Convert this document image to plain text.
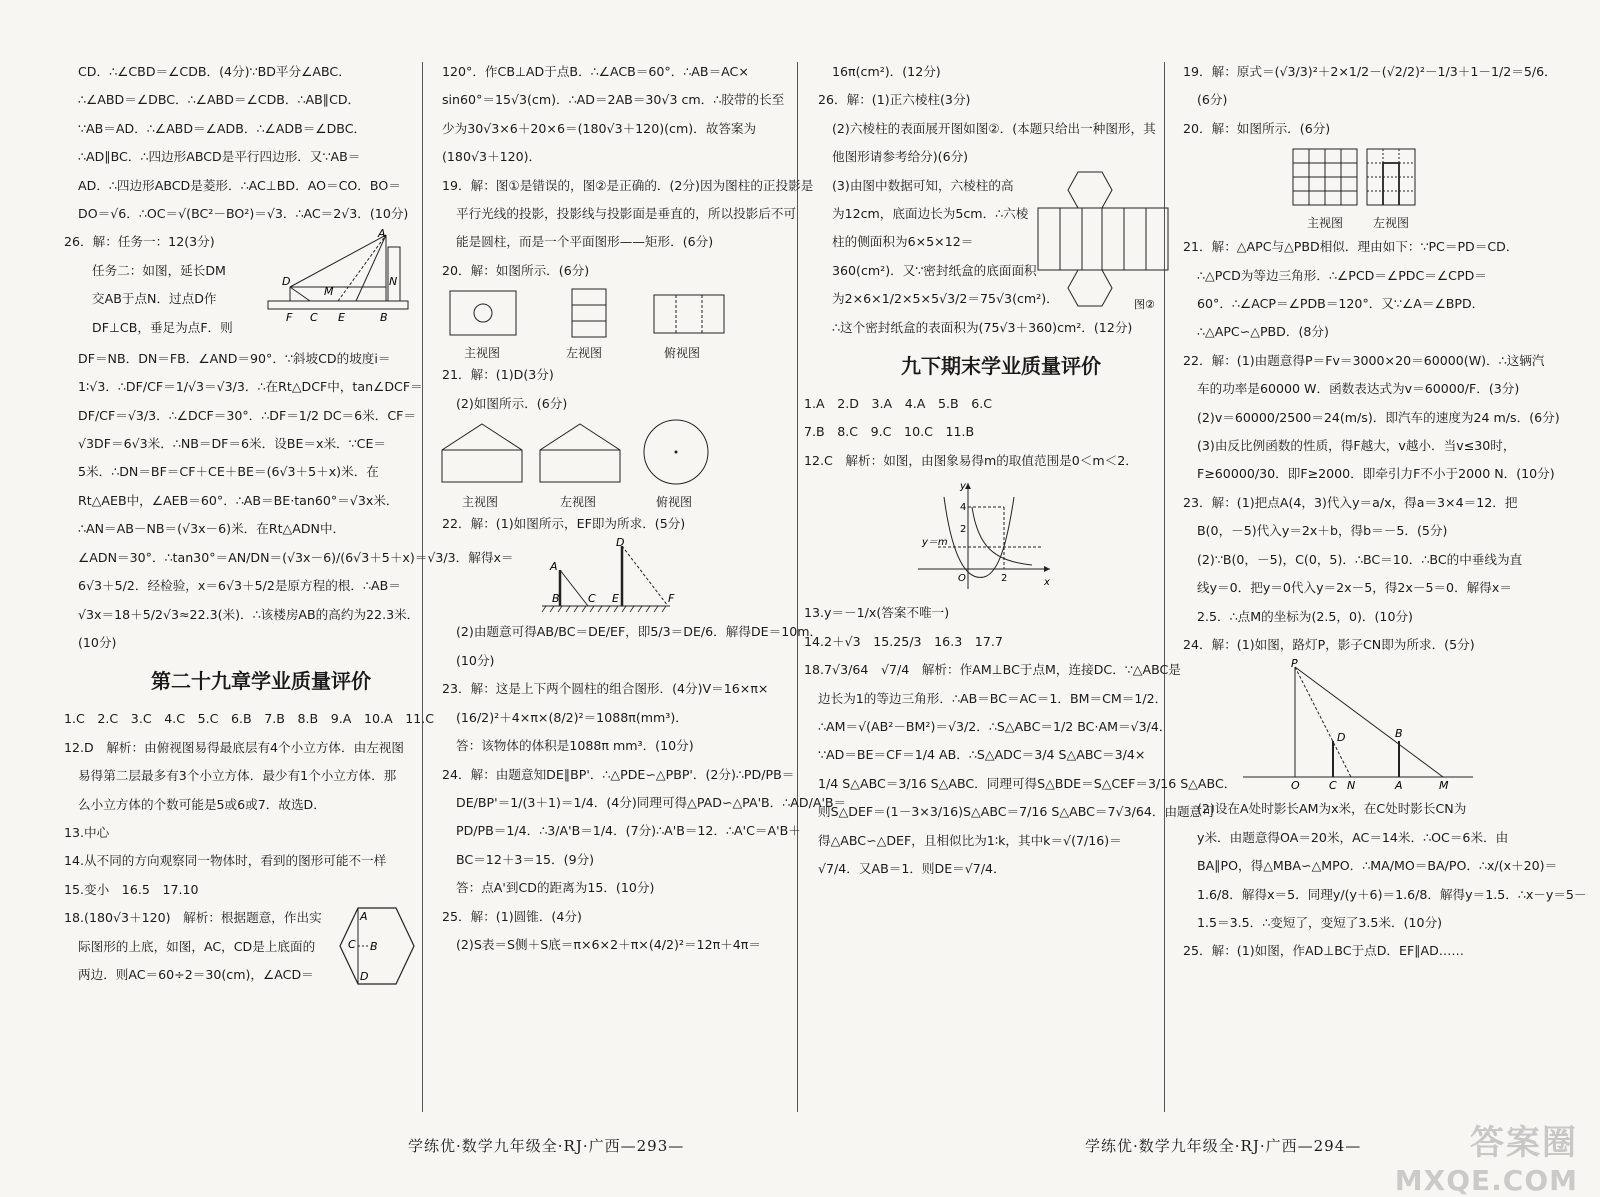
CD．∴∠CBD＝∠CDB．(4分)∵BD平分∠ABC．
∴∠ABD＝∠DBC．∴∠ABD＝∠CDB．∴AB∥CD．
∵AB＝AD．∴∠ABD＝∠ADB．∴∠ADB＝∠DBC．
∴AD∥BC．∴四边形ABCD是平行四边形．又∵AB＝
AD．∴四边形ABCD是菱形．∴AC⊥BD．AO＝CO．BO＝
DO＝√6．∴OC＝√(BC²－BO²)＝√3．∴AC＝2√3．(10分)
26．解：任务一：12(3分)
任务二：如图，延长DM
交AB于点N．过点D作
DF⊥CB，垂足为点F．则
A
D
F C
M
E
N
B
DF＝NB．DN＝FB．∠AND＝90°．∵斜坡CD的坡度i＝
1∶√3．∴DF/CF＝1/√3＝√3/3．∴在Rt△DCF中，tan∠DCF＝
DF/CF＝√3/3．∴∠DCF＝30°．∴DF＝1/2 DC＝6米．CF＝
√3DF＝6√3米．∴NB＝DF＝6米．设BE＝x米．∵CE＝
5米．∴DN＝BF＝CF＋CE＋BE＝(6√3＋5＋x)米．在
Rt△AEB中，∠AEB＝60°．∴AB＝BE·tan60°＝√3x米．
∴AN＝AB－NB＝(√3x－6)米．在Rt△ADN中．
∠ADN＝30°．∴tan30°＝AN/DN＝(√3x－6)/(6√3＋5＋x)＝√3/3．解得x＝
6√3＋5/2．经检验，x＝6√3＋5/2是原方程的根．∴AB＝
√3x＝18＋5/2√3≈22.3(米)．∴该楼房AB的高约为22.3米．
(10分)
第二十九章学业质量评价
1.C　2.C　3.C　4.C　5.C　6.B　7.B　8.B　9.A　10.A　11.C
12.D　解析：由俯视图易得最底层有4个小立方体．由左视图
易得第二层最多有3个小立方体．最少有1个小立方体．那
么小立方体的个数可能是5或6或7．故选D．
13.中心
14.从不同的方向观察同一物体时，看到的图形可能不一样
15.变小　16.5　17.10
18.(180√3＋120)　解析：根据题意，作出实
际图形的上底，如图，AC，CD是上底面的
两边．则AC＝60÷2＝30(cm)，∠ACD＝
C B
A
D
120°．作CB⊥AD于点B．∴∠ACB＝60°．∴AB＝AC×
sin60°＝15√3(cm)．∴AD＝2AB＝30√3 cm．∴胶带的长至
少为30√3×6＋20×6＝(180√3＋120)(cm)．故答案为
(180√3＋120)．
19．解：图①是错误的，图②是正确的．(2分)因为图柱的正投影是
平行光线的投影，投影线与投影面是垂直的，所以投影后不可
能是圆柱，而是一个平面图形——矩形．(6分)
20．解：如图所示．(6分)
主视图	左视图	俯视图
21．解：(1)D(3分)
(2)如图所示．(6分)
主视图	左视图	俯视图
22．解：(1)如图所示，EF即为所求．(5分)
A
D
B	C E	F
(2)由题意可得AB/BC＝DE/EF，即5/3＝DE/6．解得DE＝10m．
(10分)
23．解：这是上下两个圆柱的组合图形．(4分)V＝16×π×
(16/2)²＋4×π×(8/2)²＝1088π(mm³)．
答：该物体的体积是1088π mm³．(10分)
24．解：由题意知DE∥BP'．∴△PDE∽△PBP'．(2分)∴PD/PB＝
DE/BP'＝1/(3＋1)＝1/4．(4分)同理可得△PAD∽△PA'B．∴AD/A'B＝
PD/PB＝1/4．∴3/A'B＝1/4．(7分)∴A'B＝12．∴A'C＝A'B＋
BC＝12＋3＝15．(9分)
答：点A'到CD的距离为15．(10分)
25．解：(1)圆锥．(4分)
(2)S表＝S侧＋S底＝π×6×2＋π×(4/2)²＝12π＋4π＝
16π(cm²)．(12分)
26．解：(1)正六棱柱(3分)
(2)六棱柱的表面展开图如图②．(本题只给出一种图形，其
他图形请参考给分)(6分)
(3)由图中数据可知，六棱柱的高
为12cm，底面边长为5cm．∴六棱
柱的侧面积为6×5×12＝
360(cm²)．又∵密封纸盒的底面面积
为2×6×1/2×5×5√3/2＝75√3(cm²)．	图②
∴这个密封纸盒的表面积为(75√3＋360)cm²．(12分)
九下期末学业质量评价
1.A　2.D　3.A　4.A　5.B　6.C
7.B　8.C　9.C　10.C　11.B
12.C　解析：如图，由图象易得m的取值范围是0＜m＜2．
y
x
O
y＝m
4
2
2
13.y＝－1/x(答案不唯一)
14.2＋√3　15.25/3　16.3　17.7
18.7√3/64　√7/4　解析：作AM⊥BC于点M，连接DC．∵△ABC是
边长为1的等边三角形．∴AB＝BC＝AC＝1．BM＝CM＝1/2．
∴AM＝√(AB²－BM²)＝√3/2．∴S△ABC＝1/2 BC·AM＝√3/4．
∵AD＝BE＝CF＝1/4 AB．∴S△ADC＝3/4 S△ABC＝3/4×
1/4 S△ABC＝3/16 S△ABC．同理可得S△BDE＝S△CEF＝3/16 S△ABC．
则S△DEF＝(1－3×3/16)S△ABC＝7/16 S△ABC＝7√3/64．由题意可
得△ABC∽△DEF，且相似比为1∶k，其中k＝√(7/16)＝
√7/4．又AB＝1．则DE＝√7/4．
19．解：原式＝(√3/3)²＋2×1/2－(√2/2)²－1/3＋1－1/2＝5/6．
(6分)
20．解：如图所示．(6分)
主视图 左视图
21．解：△APC与△PBD相似．理由如下：∵PC＝PD＝CD．
∴△PCD为等边三角形．∴∠PCD＝∠PDC＝∠CPD＝
60°．∴∠ACP＝∠PDB＝120°．又∵∠A＝∠BPD．
∴△APC∽△PBD．(8分)
22．解：(1)由题意得P＝Fv＝3000×20＝60000(W)．∴这辆汽
车的功率是60000 W．函数表达式为v＝60000/F．(3分)
(2)v＝60000/2500＝24(m/s)．即汽车的速度为24 m/s．(6分)
(3)由反比例函数的性质，得F越大，v越小．当v≤30时，
F≥60000/30．即F≥2000．即牵引力F不小于2000 N．(10分)
23．解：(1)把点A(4，3)代入y＝a/x，得a＝3×4＝12．把
B(0，－5)代入y＝2x＋b，得b＝－5．(5分)
(2)∵B(0，－5)，C(0，5)．∴BC＝10．∴BC的中垂线为直
线y＝0．把y＝0代入y＝2x－5，得2x－5＝0．解得x＝
2.5．∴点M的坐标为(2.5，0)．(10分)
24．解：(1)如图，路灯P，影子CN即为所求．(5分)
P
D	B
O	C N	A	M
(2)设在A处时影长AM为x米，在C处时影长CN为
y米．由题意得OA＝20米，AC＝14米．∴OC＝6米．由
BA∥PO，得△MBA∽△MPO．∴MA/MO＝BA/PO．∴x/(x＋20)＝
1.6/8．解得x＝5．同理y/(y＋6)＝1.6/8．解得y＝1.5．∴x－y＝5－
1.5＝3.5．∴变短了，变短了3.5米．(10分)
25．解：(1)如图，作AD⊥BC于点D．EF∥AD……
学练优·数学九年级全·RJ·广西—293—	学练优·数学九年级全·RJ·广西—294—	答案圈
MXQE.COM
